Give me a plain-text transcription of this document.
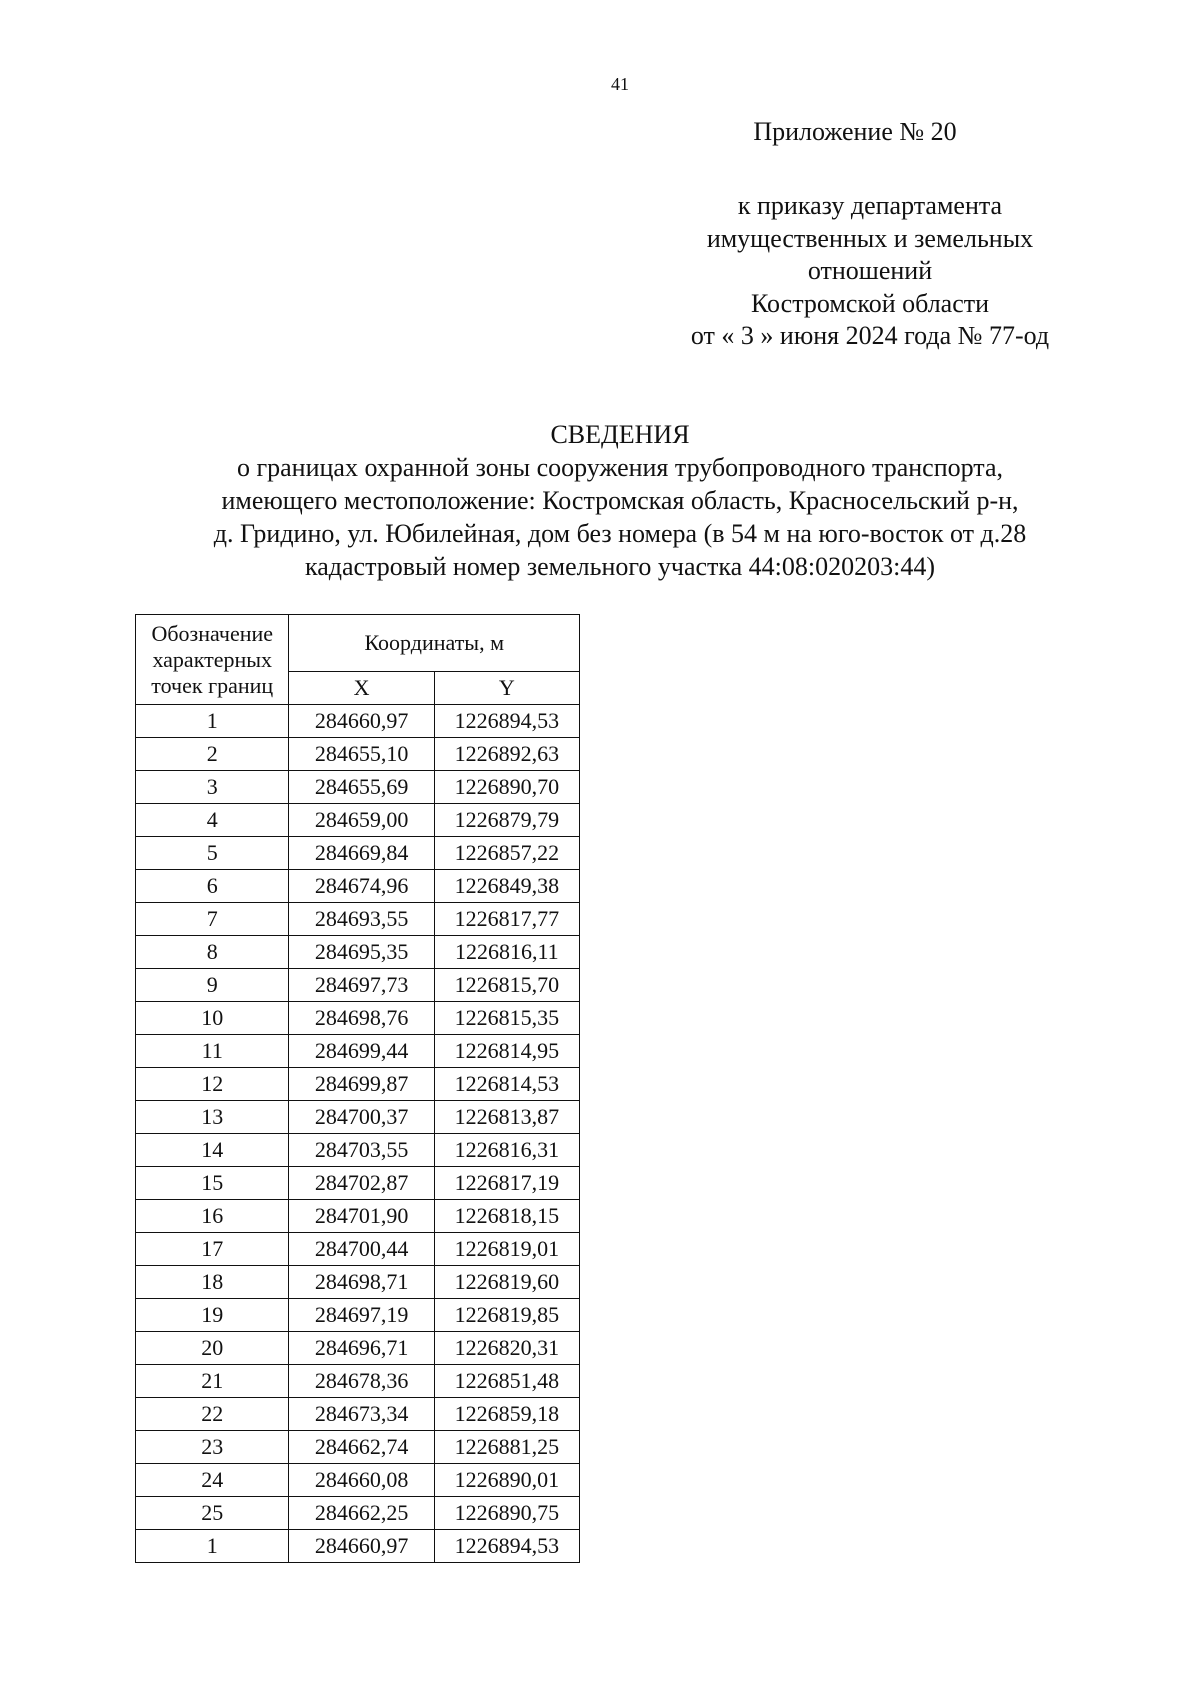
41
Приложение № 20
к приказу департамента
имущественных и земельных
отношений
Костромской области
от « 3 » июня 2024 года № 77-од
СВЕДЕНИЯ
о границах охранной зоны сооружения трубопроводного транспорта,
имеющего местоположение: Костромская область, Красносельский р-н,
д. Гридино, ул. Юбилейная, дом без номера (в 54 м на юго-восток от д.28
кадастровый номер земельного участка 44:08:020203:44)
Обозначение
характерных
точек границ	Координаты, м	
	X	Y
1	284660,97	1226894,53
2	284655,10	1226892,63
3	284655,69	1226890,70
4	284659,00	1226879,79
5	284669,84	1226857,22
6	284674,96	1226849,38
7	284693,55	1226817,77
8	284695,35	1226816,11
9	284697,73	1226815,70
10	284698,76	1226815,35
11	284699,44	1226814,95
12	284699,87	1226814,53
13	284700,37	1226813,87
14	284703,55	1226816,31
15	284702,87	1226817,19
16	284701,90	1226818,15
17	284700,44	1226819,01
18	284698,71	1226819,60
19	284697,19	1226819,85
20	284696,71	1226820,31
21	284678,36	1226851,48
22	284673,34	1226859,18
23	284662,74	1226881,25
24	284660,08	1226890,01
25	284662,25	1226890,75
1	284660,97	1226894,53
